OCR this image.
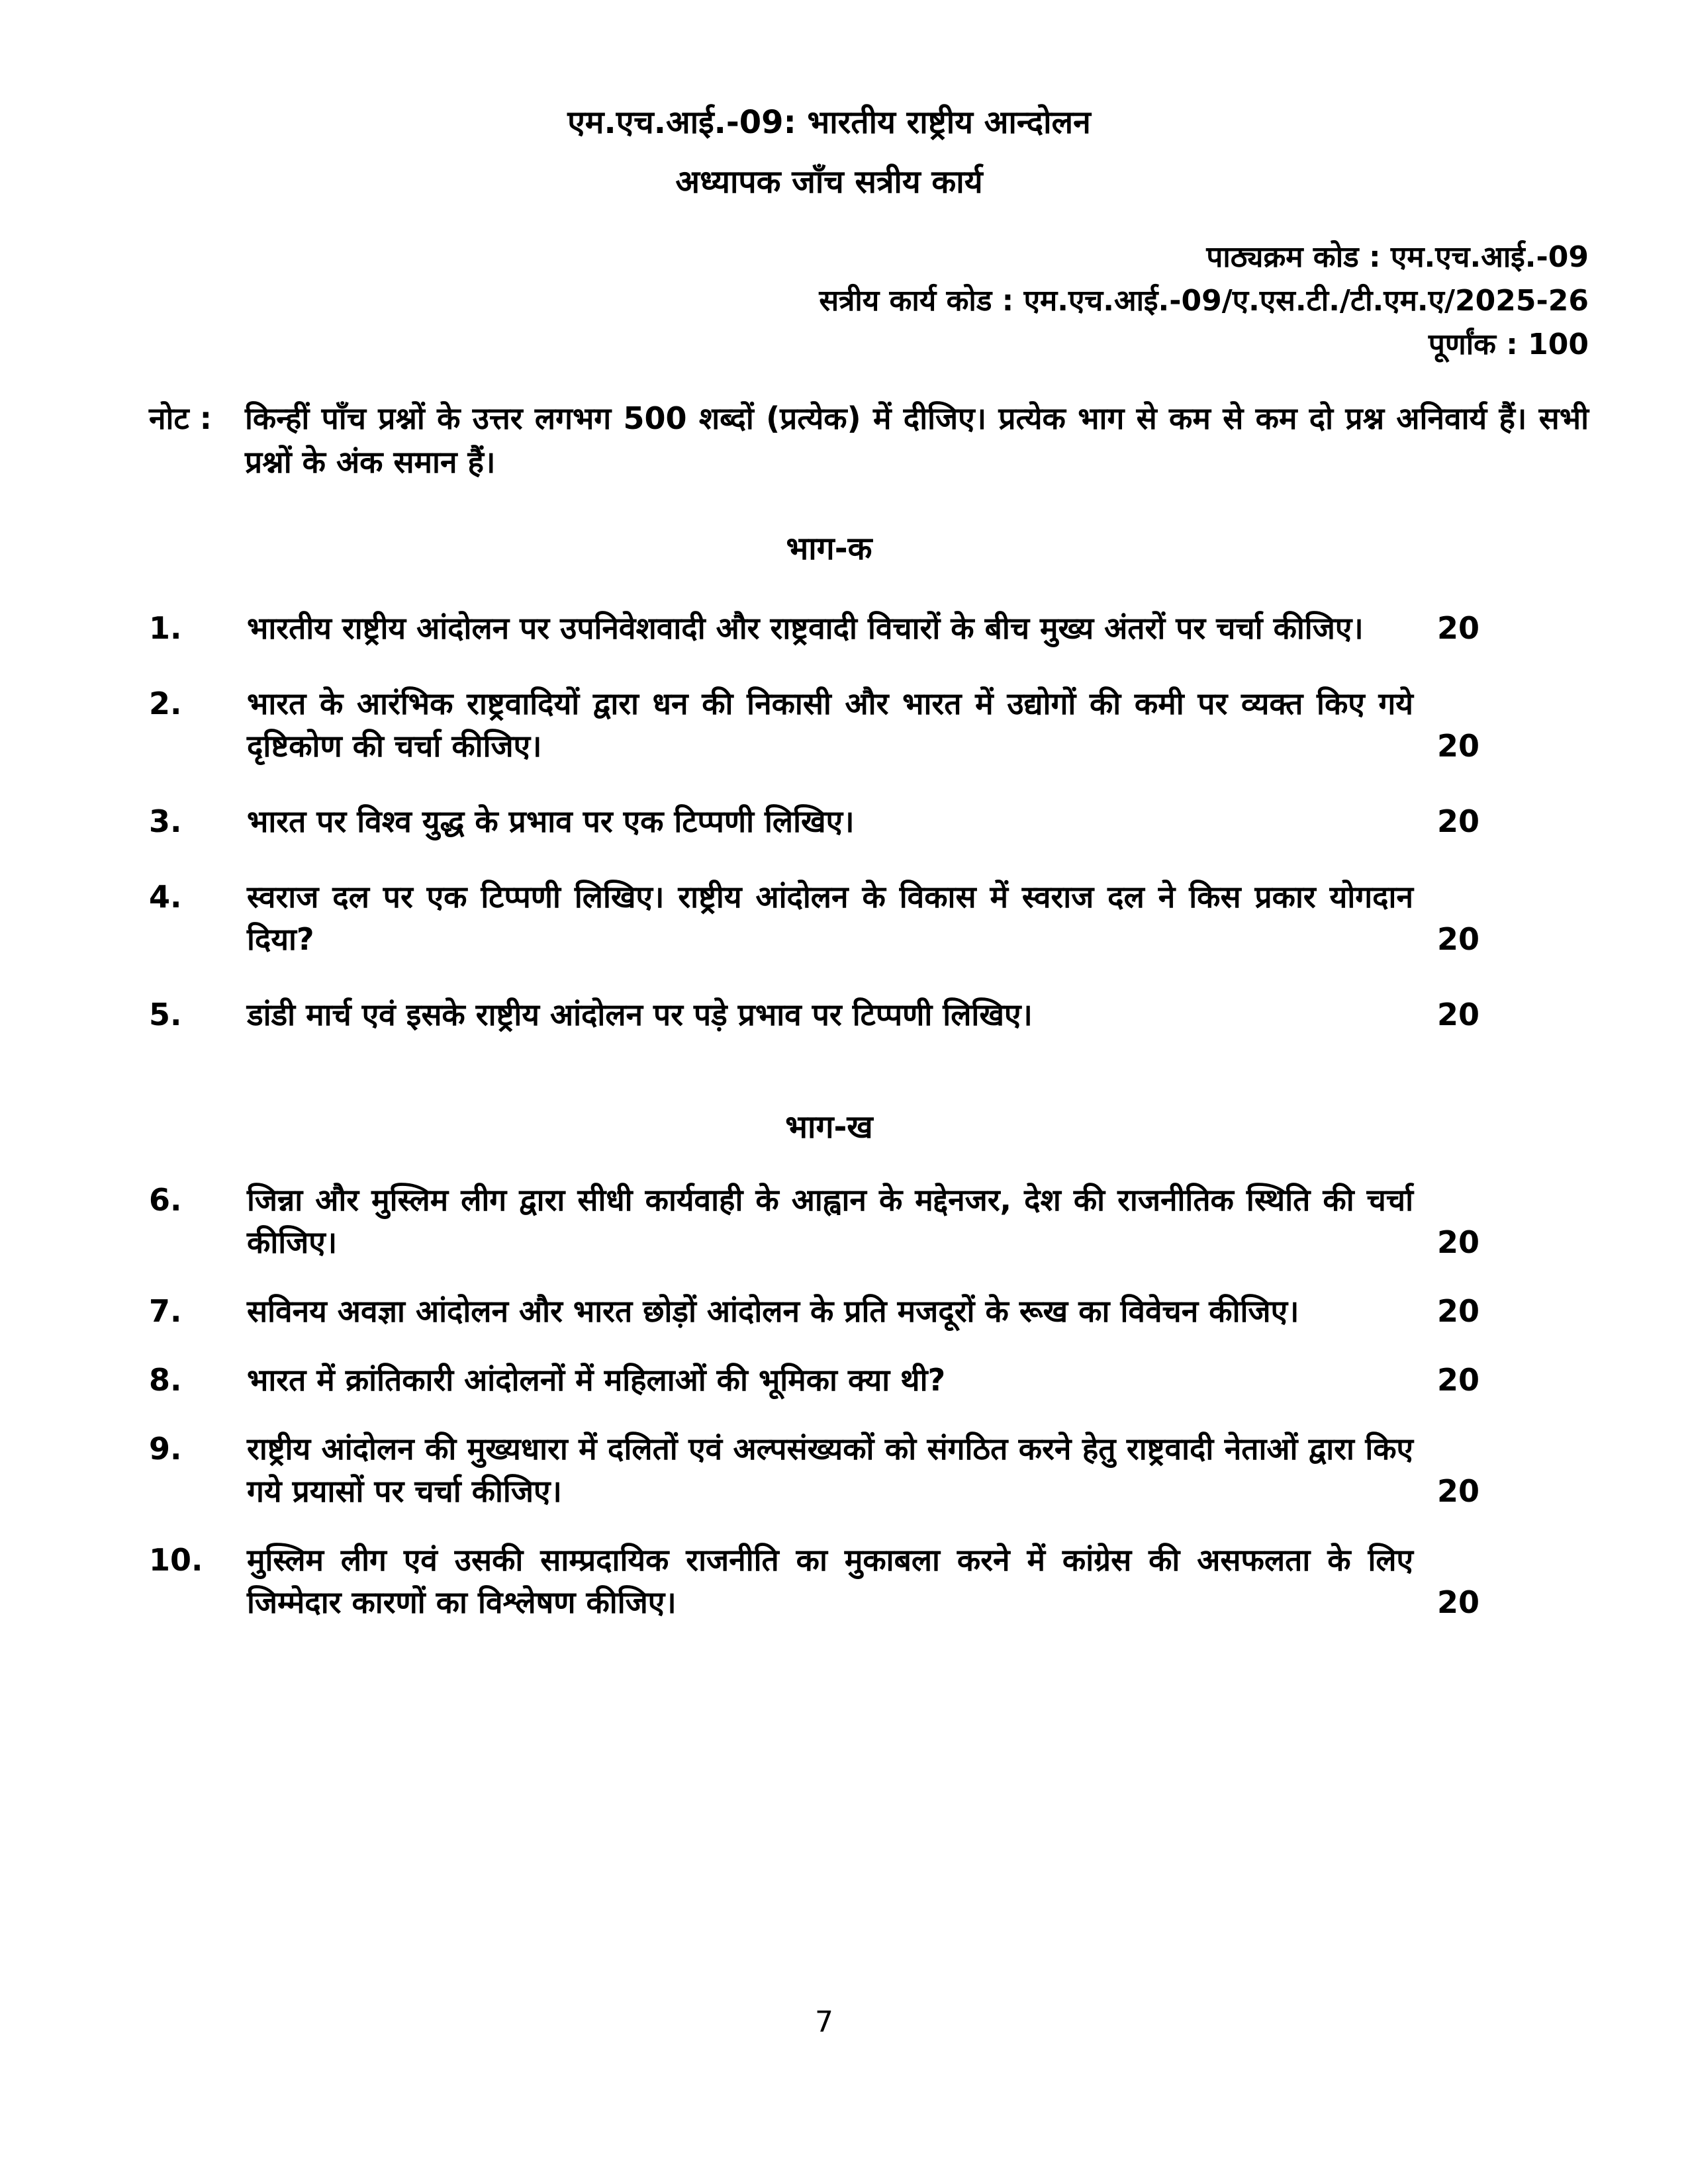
एम.एच.आई.-09: भारतीय राष्ट्रीय आन्दोलन
अध्यापक जाँच सत्रीय कार्य
पाठ्यक्रम कोड : एम.एच.आई.-09
सत्रीय कार्य कोड : एम.एच.आई.-09/ए.एस.टी./टी.एम.ए/2025-26
पूर्णांक : 100
नोट :	किन्हीं पाँच प्रश्नों के उत्तर लगभग 500 शब्दों (प्रत्येक) में दीजिए। प्रत्येक भाग से कम से कम दो प्रश्न अनिवार्य हैं। सभी प्रश्नों के अंक समान हैं।
भाग-क
1.	भारतीय राष्ट्रीय आंदोलन पर उपनिवेशवादी और राष्ट्रवादी विचारों के बीच मुख्य अंतरों पर चर्चा कीजिए।	20
2.	भारत के आरंभिक राष्ट्रवादियों द्वारा धन की निकासी और भारत में उद्योगों की कमी पर व्यक्त किए गये दृष्टिकोण की चर्चा कीजिए।	20
3.	भारत पर विश्व युद्ध के प्रभाव पर एक टिप्पणी लिखिए।	20
4.	स्वराज दल पर एक टिप्पणी लिखिए। राष्ट्रीय आंदोलन के विकास में स्वराज दल ने किस प्रकार योगदान दिया?	20
5.	डांडी मार्च एवं इसके राष्ट्रीय आंदोलन पर पड़े प्रभाव पर टिप्पणी लिखिए।	20
भाग-ख
6.	जिन्ना और मुस्लिम लीग द्वारा सीधी कार्यवाही के आह्वान के मद्देनजर, देश की राजनीतिक स्थिति की चर्चा कीजिए।	20
7.	सविनय अवज्ञा आंदोलन और भारत छोड़ों आंदोलन के प्रति मजदूरों के रूख का विवेचन कीजिए।	20
8.	भारत में क्रांतिकारी आंदोलनों में महिलाओं की भूमिका क्या थी?	20
9.	राष्ट्रीय आंदोलन की मुख्यधारा में दलितों एवं अल्पसंख्यकों को संगठित करने हेतु राष्ट्रवादी नेताओं द्वारा किए गये प्रयासों पर चर्चा कीजिए।	20
10.	मुस्लिम लीग एवं उसकी साम्प्रदायिक राजनीति का मुकाबला करने में कांग्रेस की असफलता के लिए जिम्मेदार कारणों का विश्लेषण कीजिए।	20
7
